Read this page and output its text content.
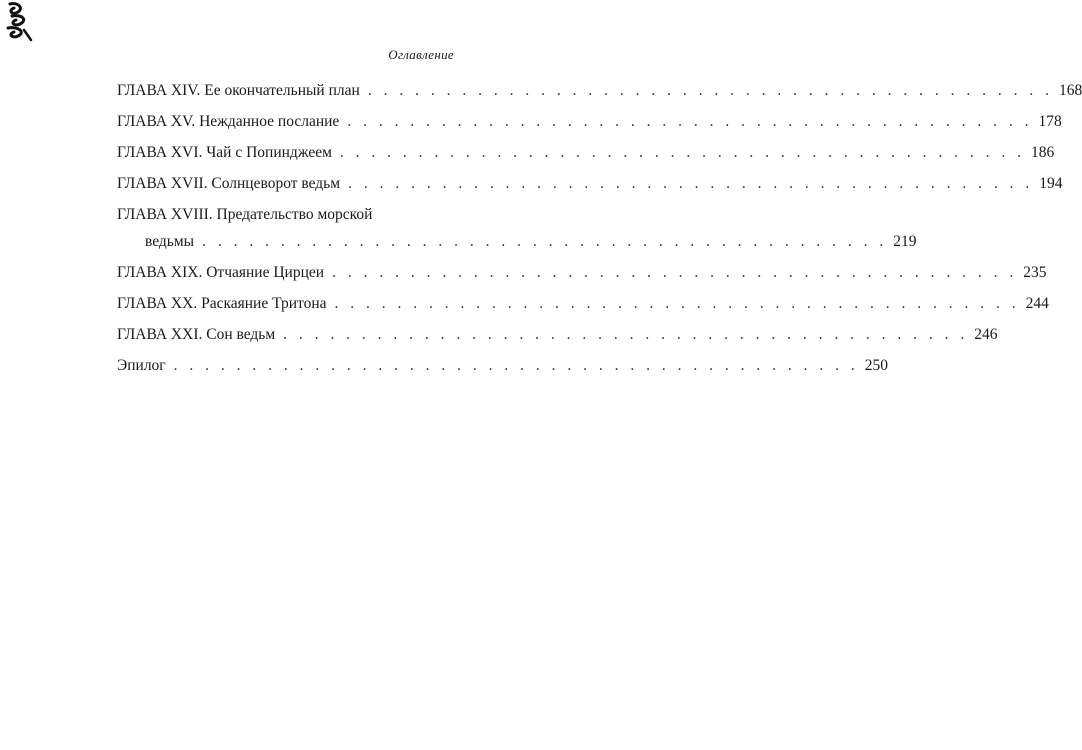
Оглавление
ГЛАВА XIV. Ее окончательный план . . . . . . . . . . . . . . . . . . . . . . . . . . . . . . . . . . . . . . . . . . . . 168
ГЛАВА XV. Нежданное послание . . . . . . . . . . . . . . . . . . . . . . . . . . . . . . . . . . . . . . . . . . . . 178
ГЛАВА XVI. Чай с Попинджеем . . . . . . . . . . . . . . . . . . . . . . . . . . . . . . . . . . . . . . . . . . . . 186
ГЛАВА XVII. Солнцеворот ведьм . . . . . . . . . . . . . . . . . . . . . . . . . . . . . . . . . . . . . . . . . . . . 194
ГЛАВА XVIII. Предательство морской
ведьмы . . . . . . . . . . . . . . . . . . . . . . . . . . . . . . . . . . . . . . . . . . . . 219
ГЛАВА XIX. Отчаяние Цирцеи . . . . . . . . . . . . . . . . . . . . . . . . . . . . . . . . . . . . . . . . . . . . 235
ГЛАВА XX. Раскаяние Тритона . . . . . . . . . . . . . . . . . . . . . . . . . . . . . . . . . . . . . . . . . . . . 244
ГЛАВА XXI. Сон ведьм . . . . . . . . . . . . . . . . . . . . . . . . . . . . . . . . . . . . . . . . . . . . 246
Эпилог . . . . . . . . . . . . . . . . . . . . . . . . . . . . . . . . . . . . . . . . . . . . 250
